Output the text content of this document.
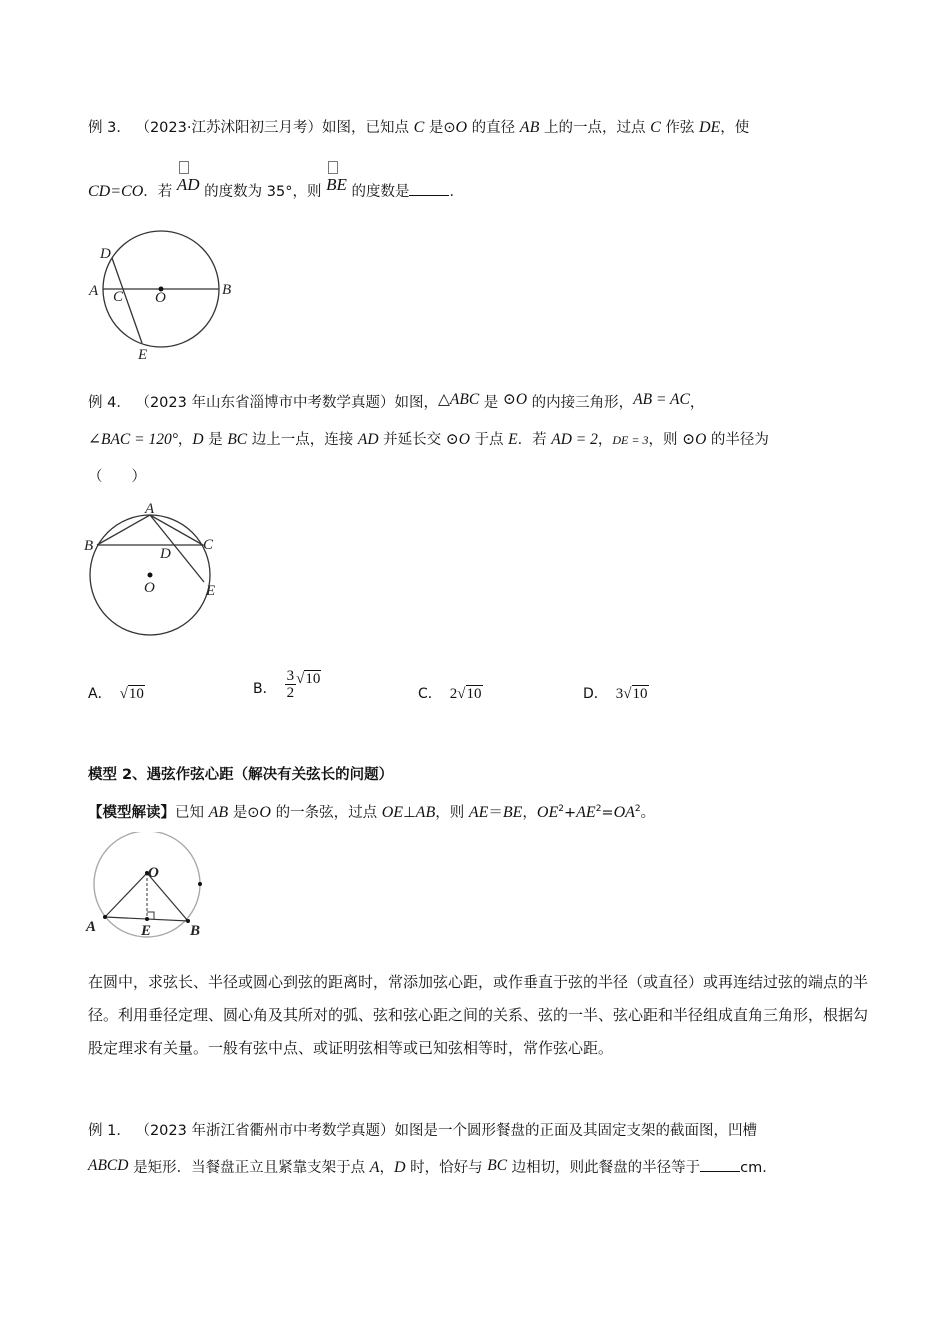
例 3． （2023·江苏沭阳初三月考）如图，已知点 C 是⊙O 的直径 AB 上的一点，过点 C 作弦 DE，使
CD=CO．若
AD 的度数为 35°，则
BE 的度数是	．
D
A C O	B
E
例 4． （2023 年山东省淄博市中考数学真题）如图，△ABC 是 ⊙O 的内接三角形，AB = AC，
∠BAC = 120°，D 是 BC 边上一点，连接 AD 并延长交 ⊙O 于点 E．若 AD = 2，DE = 3，则 ⊙O 的半径为
（　　）
A
B	C
D
O	E
A． √10	B． $\frac{3}{2} √10$
C． 2√10	D． 3√10
模型 2、遇弦作弦心距（解决有关弦长的问题）
【模型解读】已知 AB 是⊙O 的一条弦，过点 OE⊥AB，则 AE＝BE，$OE^2+AE^2=OA^2$。
O
A	E	B
在圆中，求弦长、半径或圆心到弦的距离时，常添加弦心距，或作垂直于弦的半径（或直径）或再连结过弦的端点的半径。利用垂径定理、圆心角及其所对的弧、弦和弦心距之间的关系、弦的一半、弦心距和半径组成直角三角形，根据勾股定理求有关量。一般有弦中点、或证明弦相等或已知弦相等时，常作弦心距。
例 1． （2023 年浙江省衢州市中考数学真题）如图是一个圆形餐盘的正面及其固定支架的截面图，凹槽
ABCD 是矩形．当餐盘正立且紧靠支架于点 A，D 时，恰好与 BC 边相切，则此餐盘的半径等于	cm．
